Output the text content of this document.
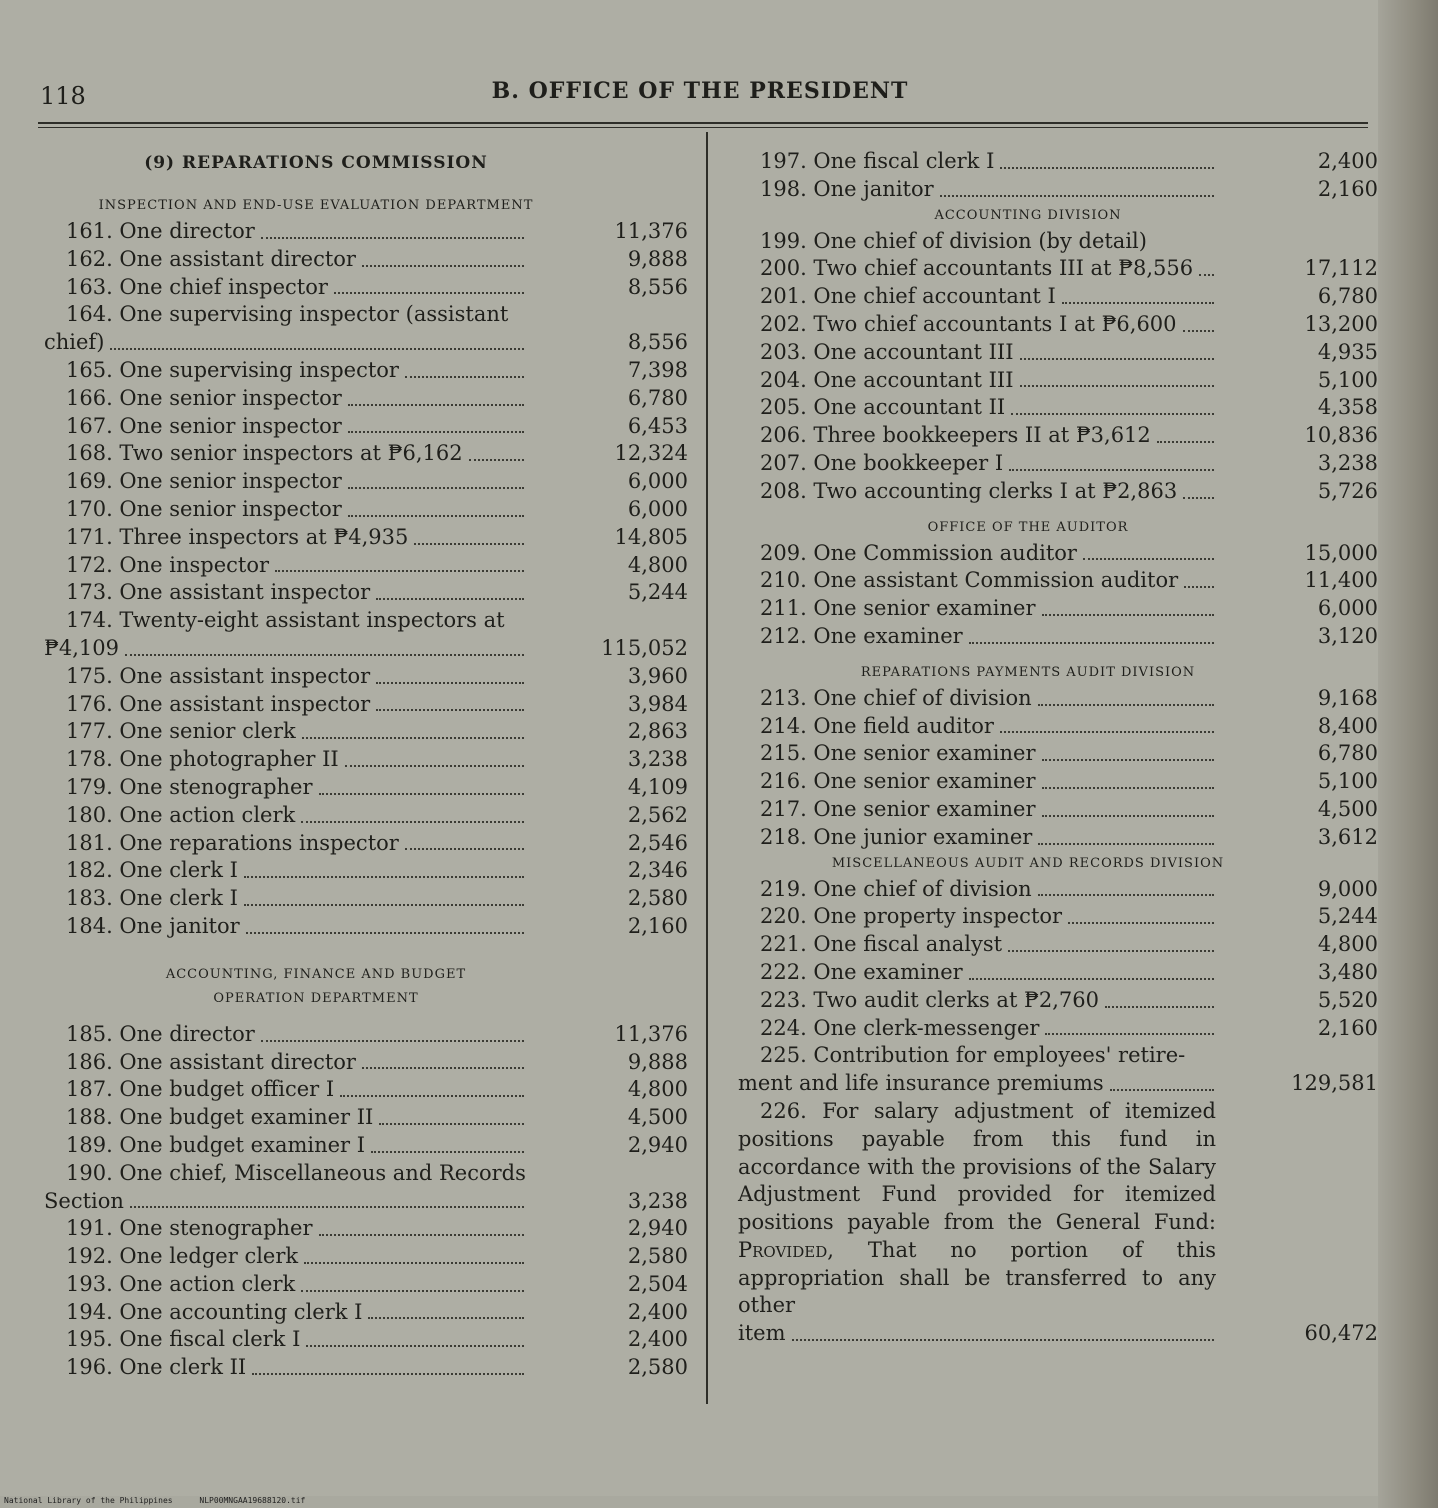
118	B. OFFICE OF THE PRESIDENT
(9) REPARATIONS COMMISSION
INSPECTION AND END-USE EVALUATION DEPARTMENT
161. One director	11,376
162. One assistant director	9,888
163. One chief inspector	8,556
164. One supervising inspector (assistant
chief)	8,556
165. One supervising inspector	7,398
166. One senior inspector	6,780
167. One senior inspector	6,453
168. Two senior inspectors at ₱6,162	12,324
169. One senior inspector	6,000
170. One senior inspector	6,000
171. Three inspectors at ₱4,935	14,805
172. One inspector	4,800
173. One assistant inspector	5,244
174. Twenty-eight assistant inspectors at
₱4,109	115,052
175. One assistant inspector	3,960
176. One assistant inspector	3,984
177. One senior clerk	2,863
178. One photographer II	3,238
179. One stenographer	4,109
180. One action clerk	2,562
181. One reparations inspector	2,546
182. One clerk I	2,346
183. One clerk I	2,580
184. One janitor	2,160
ACCOUNTING, FINANCE AND BUDGET
OPERATION DEPARTMENT
185. One director	11,376
186. One assistant director	9,888
187. One budget officer I	4,800
188. One budget examiner II	4,500
189. One budget examiner I	2,940
190. One chief, Miscellaneous and Records
Section	3,238
191. One stenographer	2,940
192. One ledger clerk	2,580
193. One action clerk	2,504
194. One accounting clerk I	2,400
195. One fiscal clerk I	2,400
196. One clerk II	2,580
197. One fiscal clerk I	2,400
198. One janitor	2,160
ACCOUNTING DIVISION
199. One chief of division (by detail)
200. Two chief accountants III at ₱8,556	17,112
201. One chief accountant I	6,780
202. Two chief accountants I at ₱6,600	13,200
203. One accountant III	4,935
204. One accountant III	5,100
205. One accountant II	4,358
206. Three bookkeepers II at ₱3,612	10,836
207. One bookkeeper I	3,238
208. Two accounting clerks I at ₱2,863	5,726
OFFICE OF THE AUDITOR
209. One Commission auditor	15,000
210. One assistant Commission auditor	11,400
211. One senior examiner	6,000
212. One examiner	3,120
REPARATIONS PAYMENTS AUDIT DIVISION
213. One chief of division	9,168
214. One field auditor	8,400
215. One senior examiner	6,780
216. One senior examiner	5,100
217. One senior examiner	4,500
218. One junior examiner	3,612
MISCELLANEOUS AUDIT AND RECORDS DIVISION
219. One chief of division	9,000
220. One property inspector	5,244
221. One fiscal analyst	4,800
222. One examiner	3,480
223. Two audit clerks at ₱2,760	5,520
224. One clerk-messenger	2,160
225. Contribution for employees' retire-
ment and life insurance premiums	129,581
226. For salary adjustment of itemized positions payable from this fund in accordance with the provisions of the Salary Adjustment Fund provided for itemized positions payable from the General Fund: Provided, That no portion of this appropriation shall be transferred to any other
item	60,472
National Library of the Philippines	NLP00MNGAA19688120.tif
